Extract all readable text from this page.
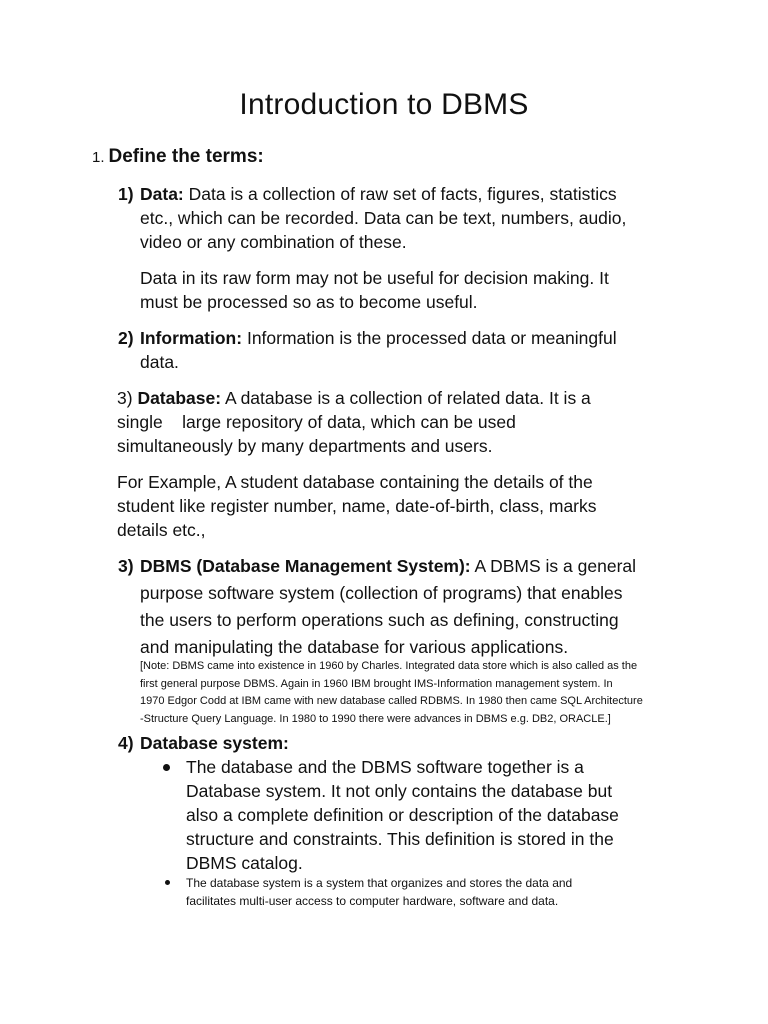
Introduction to DBMS
1. Define the terms:
1) Data: Data is a collection of raw set of facts, figures, statistics
etc., which can be recorded. Data can be text, numbers, audio,
video or any combination of these.
Data in its raw form may not be useful for decision making. It
must be processed so as to become useful.
2) Information: Information is the processed data or meaningful
data.
3) Database: A database is a collection of related data. It is a
single    large repository of data, which can be used
simultaneously by many departments and users.
For Example, A student database containing the details of the
student like register number, name, date-of-birth, class, marks
details etc.,
3) DBMS (Database Management System): A DBMS is a general
purpose software system (collection of programs) that enables
the users to perform operations such as defining, constructing
and manipulating the database for various applications.
[Note: DBMS came into existence in 1960 by Charles. Integrated data store which is also called as the
first general purpose DBMS. Again in 1960 IBM brought IMS-Information management system. In
1970 Edgor Codd at IBM came with new database called RDBMS. In 1980 then came SQL Architecture
-Structure Query Language. In 1980 to 1990 there were advances in DBMS e.g. DB2, ORACLE.]
4) Database system:
The database and the DBMS software together is a
Database system. It not only contains the database but
also a complete definition or description of the database
structure and constraints. This definition is stored in the
DBMS catalog.
The database system is a system that organizes and stores the data and
facilitates multi-user access to computer hardware, software and data.
